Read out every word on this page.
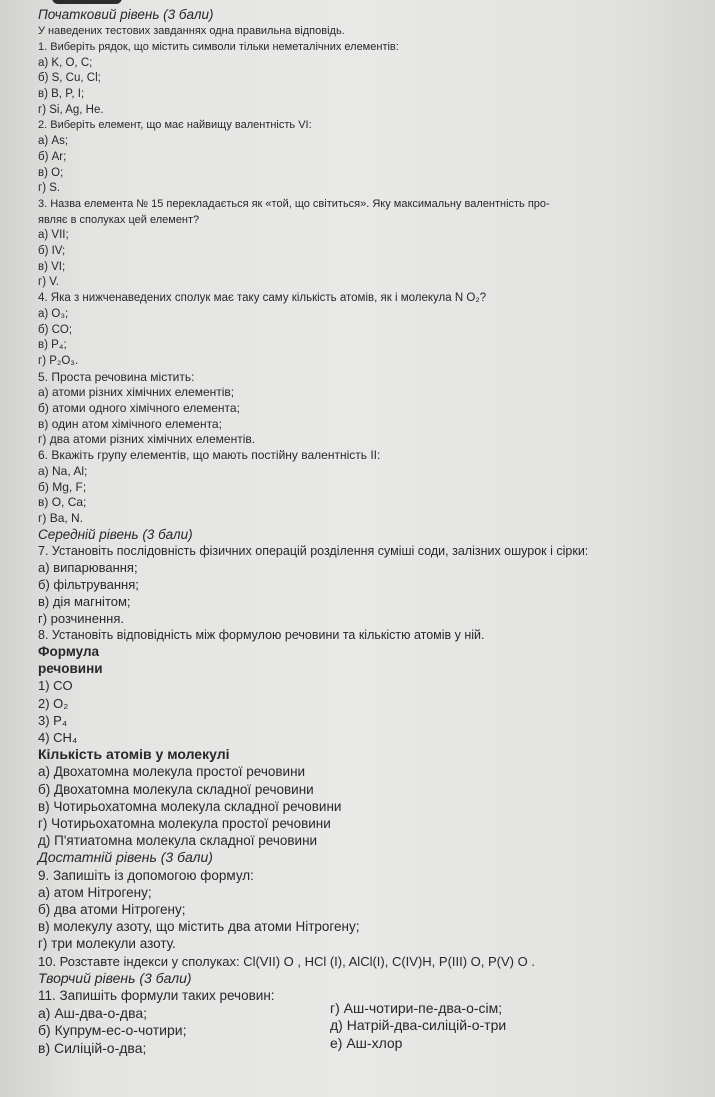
Початковий рівень (3 бали)
У наведених тестових завданнях одна правильна відповідь.
1. Виберіть рядок, що містить символи тільки неметалічних елементів:
а) K, O, C;
б) S, Cu, Cl;
в) B, P, I;
г) Si, Ag, He.
2. Виберіть елемент, що має найвищу валентність VI:
а) As;
б) Ar;
в) O;
г) S.
3. Назва елемента № 15 перекладається як «той, що світиться». Яку максимальну валентність про-
являє в сполуках цей елемент?
а) VII;
б) IV;
в) VI;
г) V.
4. Яка з нижченаведених сполук має таку саму кількість атомів, як і молекула N O₂?
а) O₃;
б) CO;
в) P₄;
г) P₂O₃.
5. Проста речовина містить:
а) атоми різних хімічних елементів;
б) атоми одного хімічного елемента;
в) один атом хімічного елемента;
г) два атоми різних хімічних елементів.
6. Вкажіть групу елементів, що мають постійну валентність II:
а) Na, Al;
б) Mg, F;
в) O, Ca;
г) Ba, N.
Середній рівень (3 бали)
7. Установіть послідовність фізичних операцій розділення суміші соди, залізних ошурок і сірки:
а) випарювання;
б) фільтрування;
в) дія магнітом;
г) розчинення.
8. Установіть відповідність між формулою речовини та кількістю атомів у ній.
Формула
речовини
1) CO
2) O₂
3) P₄
4) CH₄
Кількість атомів у молекулі
а) Двохатомна молекула простої речовини
б) Двохатомна молекула складної речовини
в) Чотирьохатомна молекула складної речовини
г) Чотирьохатомна молекула простої речовини
д) П'ятиатомна молекула складної речовини
Достатній рівень (3 бали)
9. Запишіть із допомогою формул:
а) атом Нітрогену;
б) два атоми Нітрогену;
в) молекулу азоту, що містить два атоми Нітрогену;
г) три молекули азоту.
10. Розставте індекси у сполуках: Cl(VII) O , HCl (I), AlCl(I), C(IV)H, P(III) O, P(V) O .
Творчий рівень (3 бали)
11. Запишіть формули таких речовин:
а) Аш-два-о-два;
б) Купрум-ес-о-чотири;
в) Силіцій-о-два;
г) Аш-чотири-пе-два-о-сім;
д) Натрій-два-силіцій-о-три
е) Аш-хлор
